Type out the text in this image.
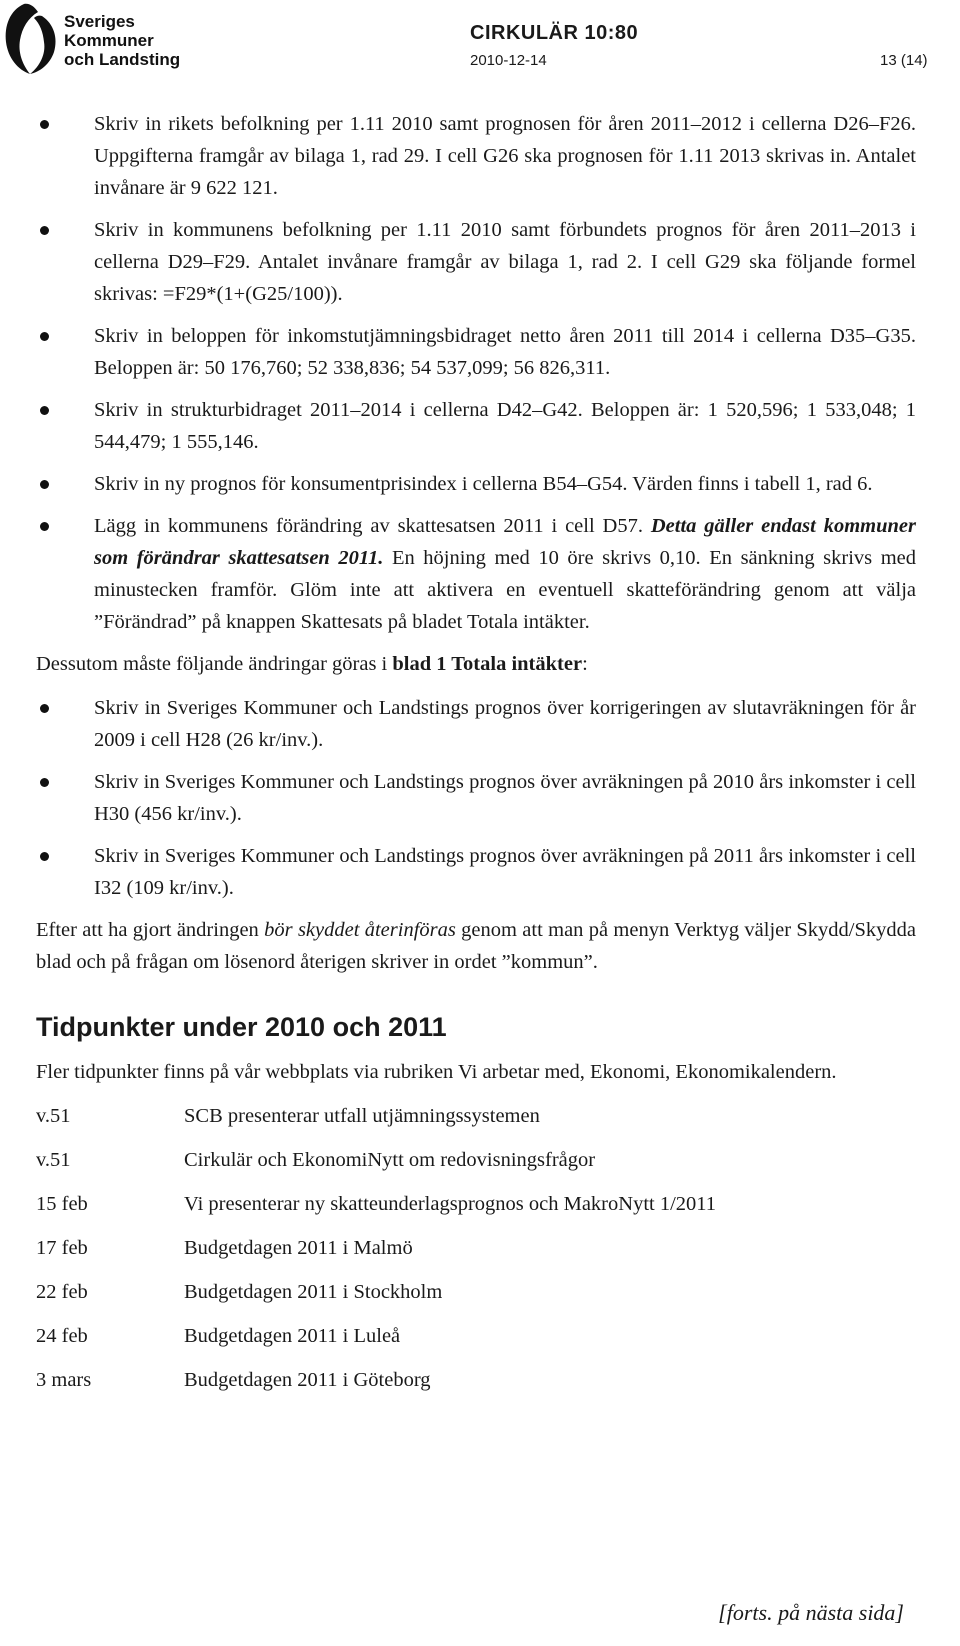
Sveriges
Kommuner
och Landsting
CIRKULÄR 10:80
2010-12-14	13 (14)
Skriv in rikets befolkning per 1.11 2010 samt prognosen för åren 2011–2012 i cellerna D26–F26. Uppgifterna framgår av bilaga 1, rad 29. I cell G26 ska prognosen för 1.11 2013 skrivas in. Antalet invånare är 9 622 121.
Skriv in kommunens befolkning per 1.11 2010 samt förbundets prognos för åren 2011–2013 i cellerna D29–F29. Antalet invånare framgår av bilaga 1, rad 2. I cell G29 ska följande formel skrivas: =F29*(1+(G25/100)).
Skriv in beloppen för inkomstutjämningsbidraget netto åren 2011 till 2014 i cellerna D35–G35. Beloppen är: 50 176,760; 52 338,836; 54 537,099; 56 826,311.
Skriv in strukturbidraget 2011–2014 i cellerna D42–G42. Beloppen är: 1 520,596; 1 533,048; 1 544,479; 1 555,146.
Skriv in ny prognos för konsumentprisindex i cellerna B54–G54. Värden finns i tabell 1, rad 6.
Lägg in kommunens förändring av skattesatsen 2011 i cell D57. Detta gäller endast kommuner som förändrar skattesatsen 2011. En höjning med 10 öre skrivs 0,10. En sänkning skrivs med minustecken framför. Glöm inte att aktivera en eventuell skatteförändring genom att välja ”Förändrad” på knappen Skattesats på bladet Totala intäkter.

Dessutom måste följande ändringar göras i blad 1 Totala intäkter:

Skriv in Sveriges Kommuner och Landstings prognos över korrigeringen av slutavräkningen för år 2009 i cell H28 (26 kr/inv.).
Skriv in Sveriges Kommuner och Landstings prognos över avräkningen på 2010 års inkomster i cell H30 (456 kr/inv.).
Skriv in Sveriges Kommuner och Landstings prognos över avräkningen på 2011 års inkomster i cell I32 (109 kr/inv.).

Efter att ha gjort ändringen bör skyddet återinföras genom att man på menyn Verktyg väljer Skydd/Skydda blad och på frågan om lösenord återigen skriver in ordet ”kommun”.

Tidpunkter under 2010 och 2011

Fler tidpunkter finns på vår webbplats via rubriken Vi arbetar med, Ekonomi, Ekonomikalendern.

v.51	SCB presenterar utfall utjämningssystemen
v.51	Cirkulär och EkonomiNytt om redovisningsfrågor
15 feb	Vi presenterar ny skatteunderlagsprognos och MakroNytt 1/2011
17 feb	Budgetdagen 2011 i Malmö
22 feb	Budgetdagen 2011 i Stockholm
24 feb	Budgetdagen 2011 i Luleå
3 mars	Budgetdagen 2011 i Göteborg
[forts. på nästa sida]
